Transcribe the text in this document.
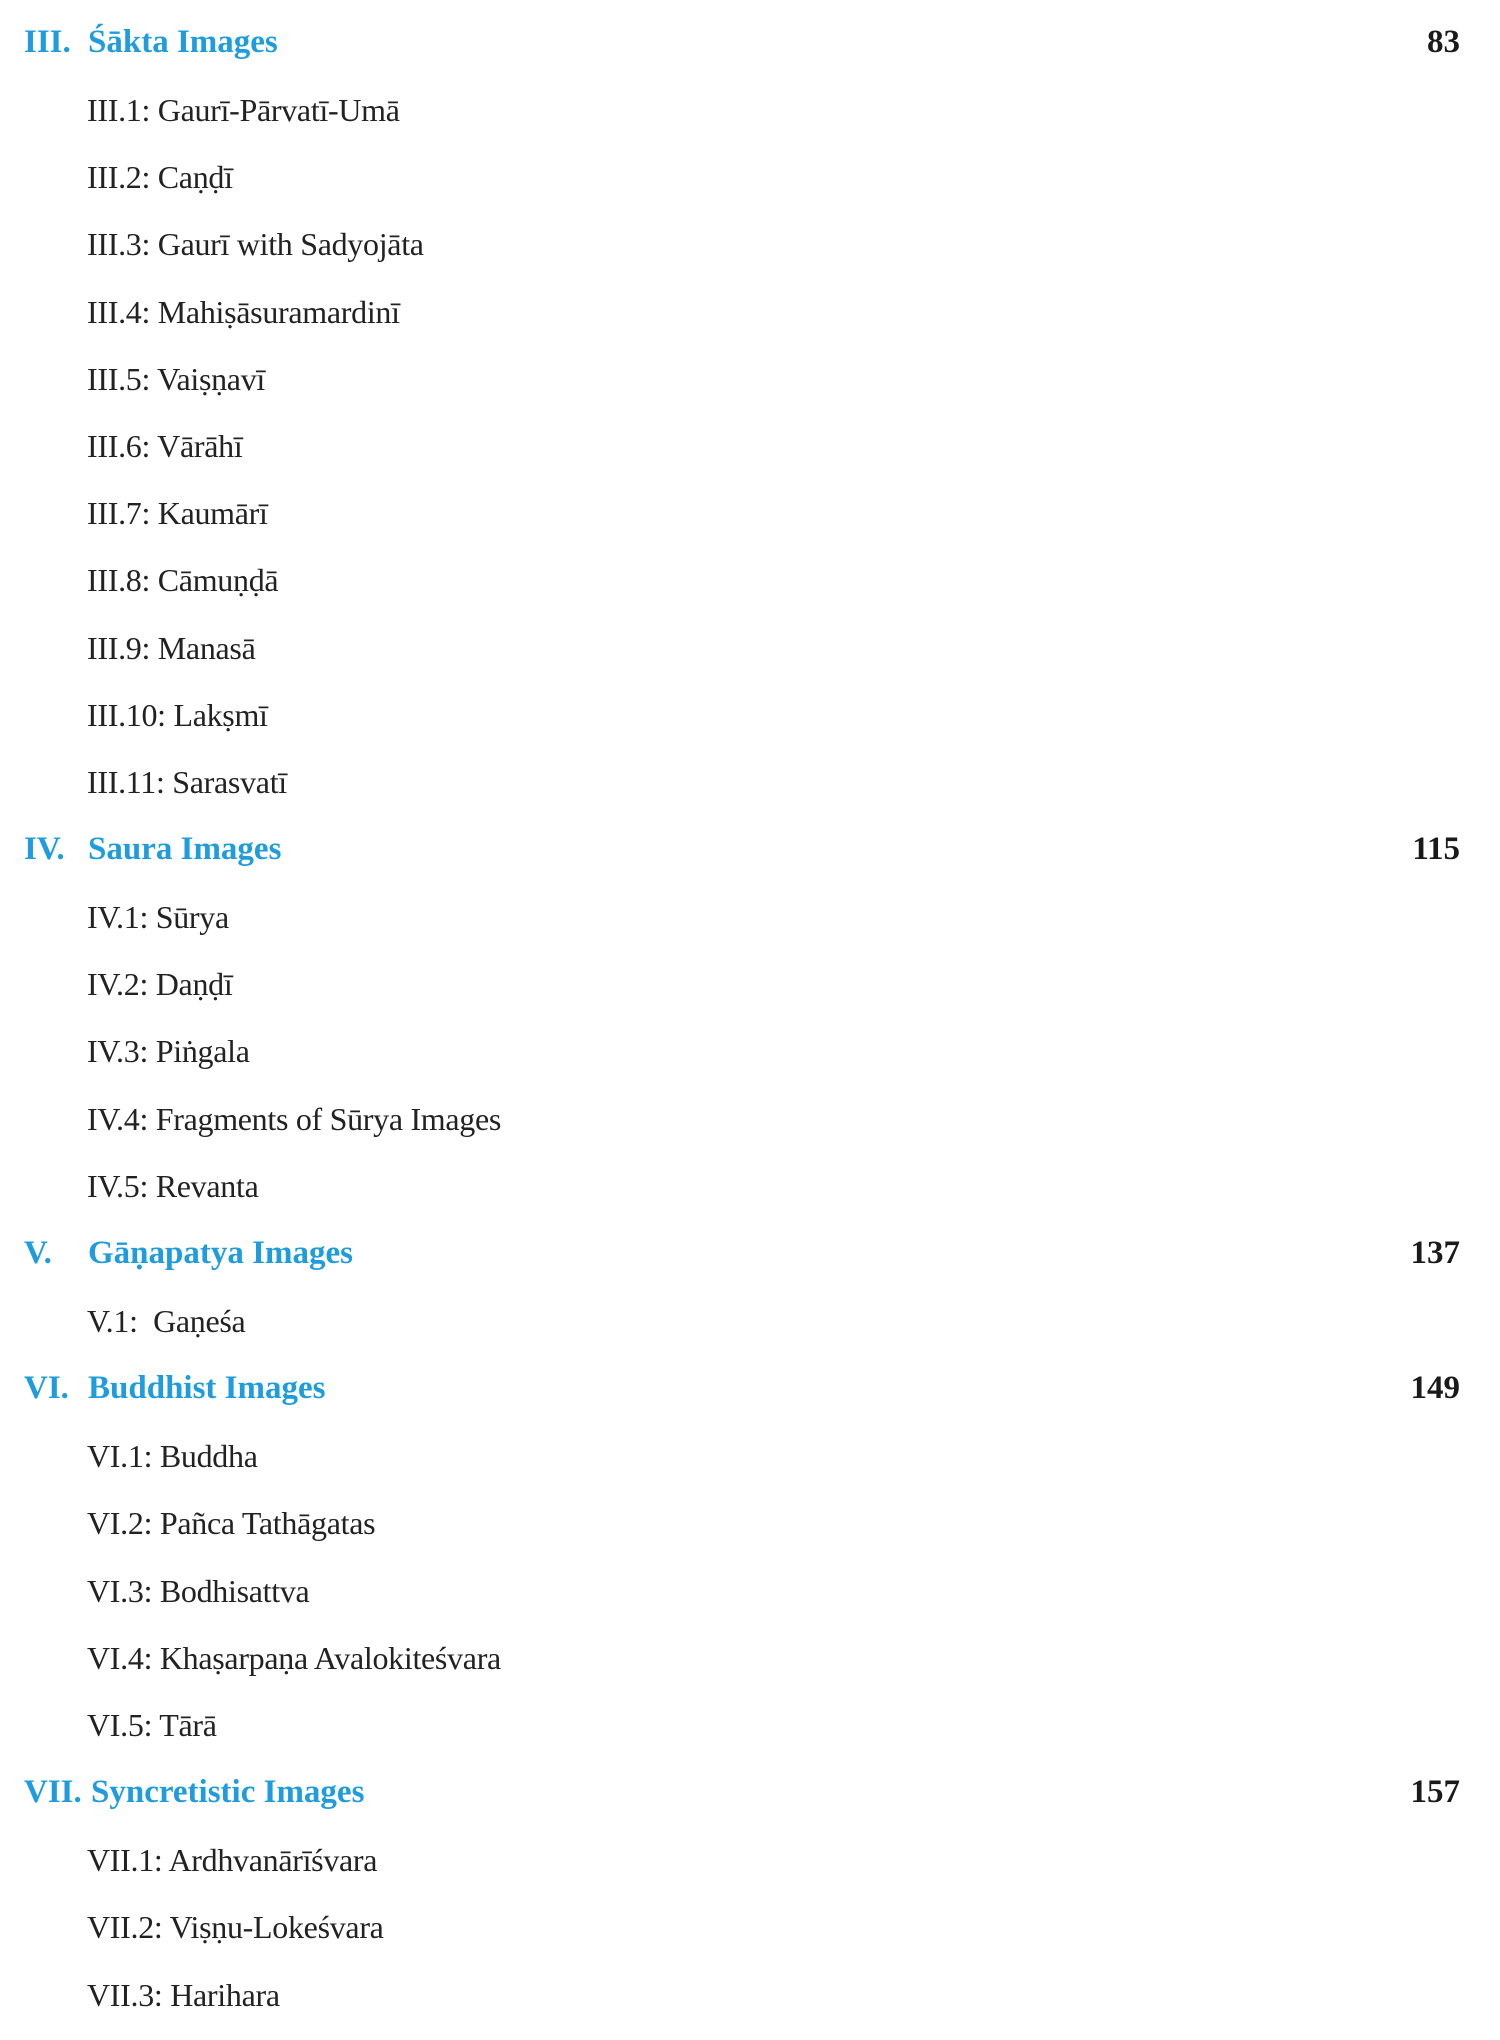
III. Śākta Images	83
III.1: Gaurī-Pārvatī-Umā
III.2: Caṇḍī
III.3: Gaurī with Sadyojāta
III.4: Mahiṣāsuramardinī
III.5: Vaiṣṇavī
III.6: Vārāhī
III.7: Kaumārī
III.8: Cāmuṇḍā
III.9: Manasā
III.10: Lakṣmī
III.11: Sarasvatī
IV. Saura Images	115
IV.1: Sūrya
IV.2: Daṇḍī
IV.3: Piṅgala
IV.4: Fragments of Sūrya Images
IV.5: Revanta
V. Gāṇapatya Images	137
V.1:  Gaṇeśa
VI. Buddhist Images	149
VI.1: Buddha
VI.2: Pañca Tathāgatas
VI.3: Bodhisattva
VI.4: Khaṣarpaṇa Avalokiteśvara
VI.5: Tārā
VII. Syncretistic Images	157
VII.1: Ardhvanārīśvara
VII.2: Viṣṇu-Lokeśvara
VII.3: Harihara
